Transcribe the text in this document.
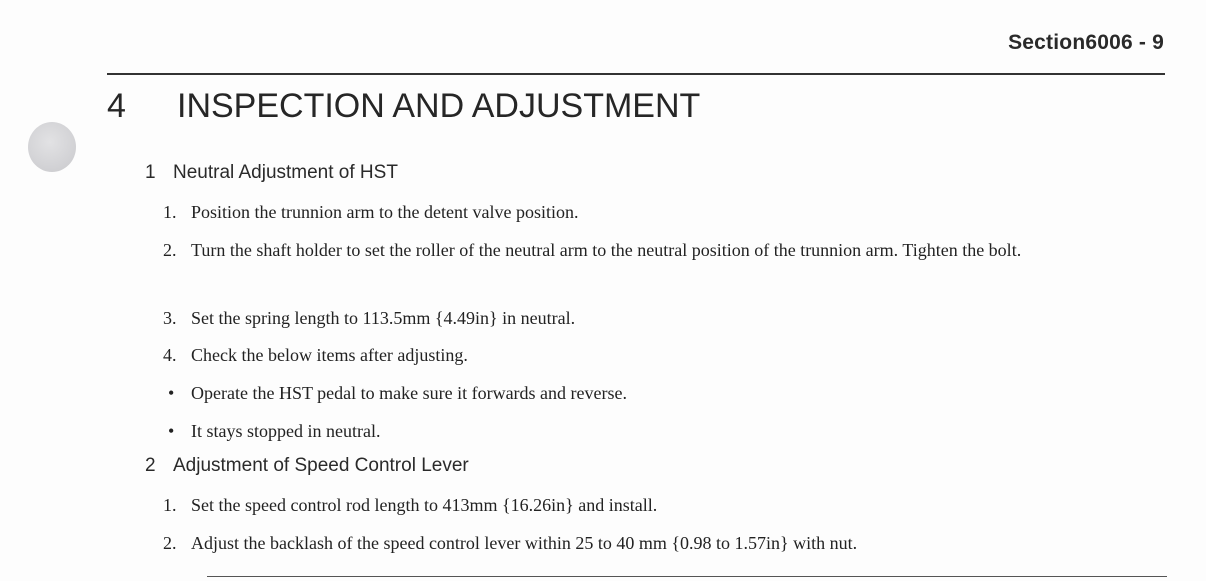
Section6006 - 9
4 INSPECTION AND ADJUSTMENT
1 Neutral Adjustment of HST
1. Position the trunnion arm to the detent valve position.
2. Turn the shaft holder to set the roller of the neutral arm to the neutral position of the trunnion arm. Tighten the bolt.
3. Set the spring length to 113.5mm {4.49in} in neutral.
4. Check the below items after adjusting.
• Operate the HST pedal to make sure it forwards and reverse.
• It stays stopped in neutral.
2 Adjustment of Speed Control Lever
1. Set the speed control rod length to 413mm {16.26in} and install.
2. Adjust the backlash of the speed control lever within 25 to 40 mm {0.98 to 1.57in} with nut.
